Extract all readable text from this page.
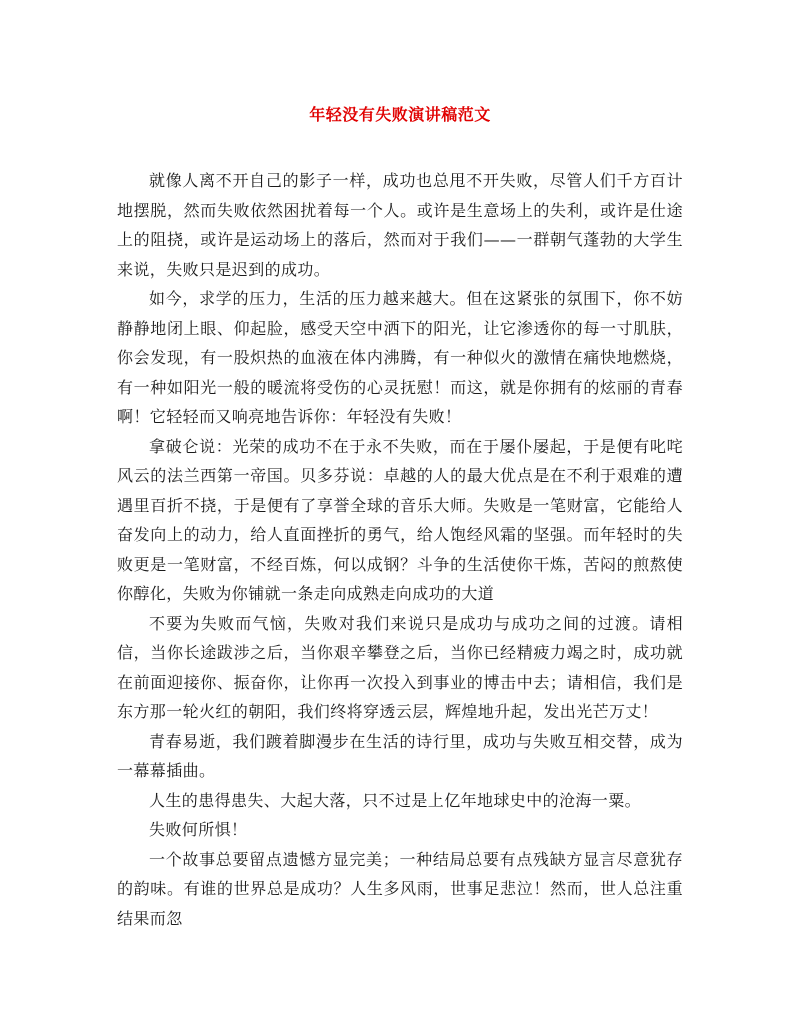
年轻没有失败演讲稿范文

就像人离不开自己的影子一样，成功也总甩不开失败，尽管人们千方百计地摆脱，然而失败依然困扰着每一个人。或许是生意场上的失利，或许是仕途上的阻挠，或许是运动场上的落后，然而对于我们——一群朝气蓬勃的大学生来说，失败只是迟到的成功。

如今，求学的压力，生活的压力越来越大。但在这紧张的氛围下，你不妨静静地闭上眼、仰起脸，感受天空中洒下的阳光，让它渗透你的每一寸肌肤，你会发现，有一股炽热的血液在体内沸腾，有一种似火的激情在痛快地燃烧，有一种如阳光一般的暖流将受伤的心灵抚慰！而这，就是你拥有的炫丽的青春啊！它轻轻而又响亮地告诉你：年轻没有失败！

拿破仑说：光荣的成功不在于永不失败，而在于屡仆屡起，于是便有叱咤风云的法兰西第一帝国。贝多芬说：卓越的人的最大优点是在不利于艰难的遭遇里百折不挠，于是便有了享誉全球的音乐大师。失败是一笔财富，它能给人奋发向上的动力，给人直面挫折的勇气，给人饱经风霜的坚强。而年轻时的失败更是一笔财富，不经百炼，何以成钢？斗争的生活使你干炼，苦闷的煎熬使你醇化，失败为你铺就一条走向成熟走向成功的大道

不要为失败而气恼，失败对我们来说只是成功与成功之间的过渡。请相信，当你长途跋涉之后，当你艰辛攀登之后，当你已经精疲力竭之时，成功就在前面迎接你、振奋你，让你再一次投入到事业的博击中去；请相信，我们是东方那一轮火红的朝阳，我们终将穿透云层，辉煌地升起，发出光芒万丈！

青春易逝，我们踱着脚漫步在生活的诗行里，成功与失败互相交替，成为一幕幕插曲。

人生的患得患失、大起大落，只不过是上亿年地球史中的沧海一粟。

失败何所惧！

一个故事总要留点遗憾方显完美；一种结局总要有点残缺方显言尽意犹存的韵味。有谁的世界总是成功？人生多风雨，世事足悲泣！然而，世人总注重结果而忽
